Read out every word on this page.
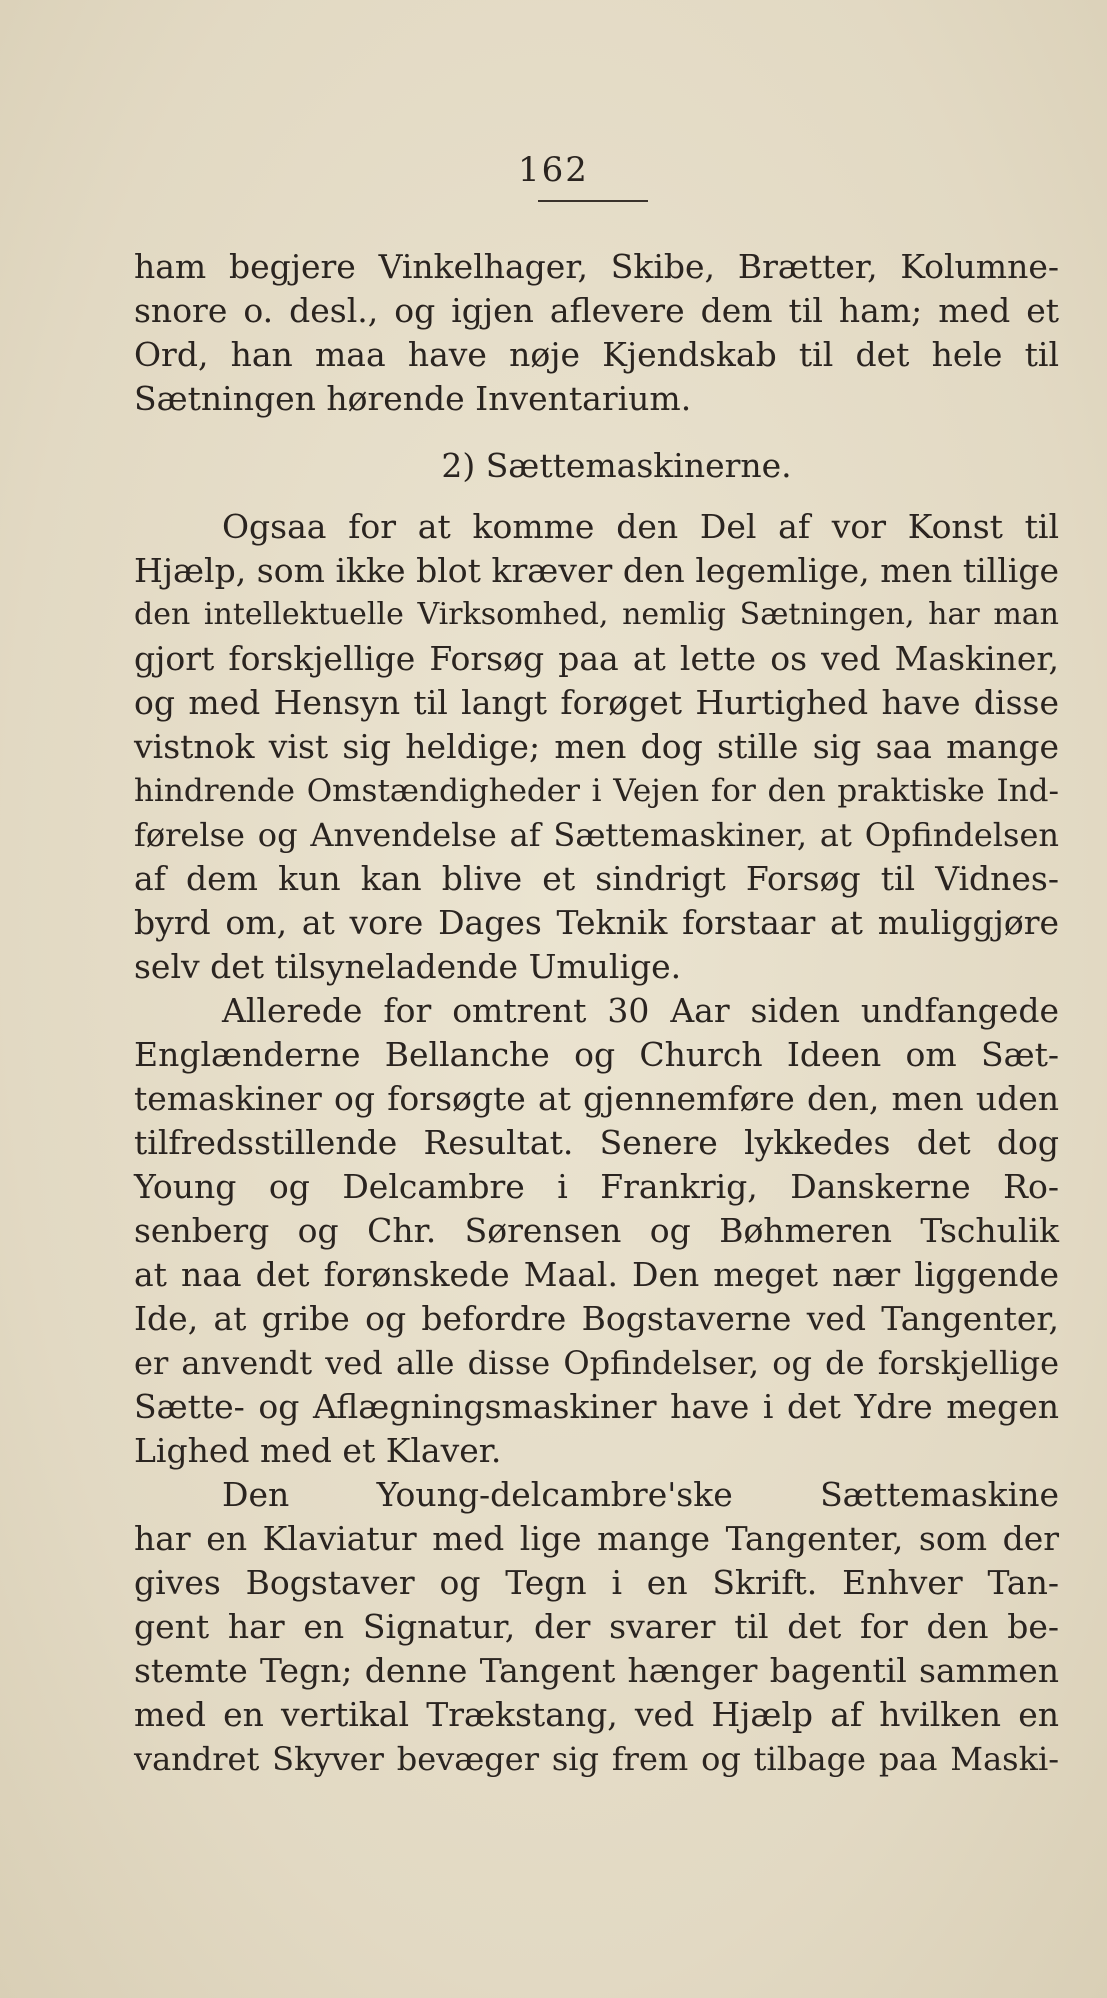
162
ham begjere Vinkelhager, Skibe, Brætter, Kolumne-
snore o. desl., og igjen aflevere dem til ham; med et
Ord, han maa have nøje Kjendskab til det hele til
Sætningen hørende Inventarium.
2) Sættemaskinerne.
Ogsaa for at komme den Del af vor Konst til
Hjælp, som ikke blot kræver den legemlige, men tillige
den intellektuelle Virksomhed, nemlig Sætningen, har man
gjort forskjellige Forsøg paa at lette os ved Maskiner,
og med Hensyn til langt forøget Hurtighed have disse
vistnok vist sig heldige; men dog stille sig saa mange
hindrende Omstændigheder i Vejen for den praktiske Ind-
førelse og Anvendelse af Sættemaskiner, at Opfindelsen
af dem kun kan blive et sindrigt Forsøg til Vidnes-
byrd om, at vore Dages Teknik forstaar at muliggjøre
selv det tilsyneladende Umulige.
Allerede for omtrent 30 Aar siden undfangede
Englænderne Bellanche og Church Ideen om Sæt-
temaskiner og forsøgte at gjennemføre den, men uden
tilfredsstillende Resultat. Senere lykkedes det dog
Young og Delcambre i Frankrig, Danskerne Ro-
senberg og Chr. Sørensen og Bøhmeren Tschulik
at naa det forønskede Maal. Den meget nær liggende
Ide, at gribe og befordre Bogstaverne ved Tangenter,
er anvendt ved alle disse Opfindelser, og de forskjellige
Sætte- og Aflægningsmaskiner have i det Ydre megen
Lighed med et Klaver.
Den Young-delcambre'ske Sættemaskine
har en Klaviatur med lige mange Tangenter, som der
gives Bogstaver og Tegn i en Skrift. Enhver Tan-
gent har en Signatur, der svarer til det for den be-
stemte Tegn; denne Tangent hænger bagentil sammen
med en vertikal Trækstang, ved Hjælp af hvilken en
vandret Skyver bevæger sig frem og tilbage paa Maski-
